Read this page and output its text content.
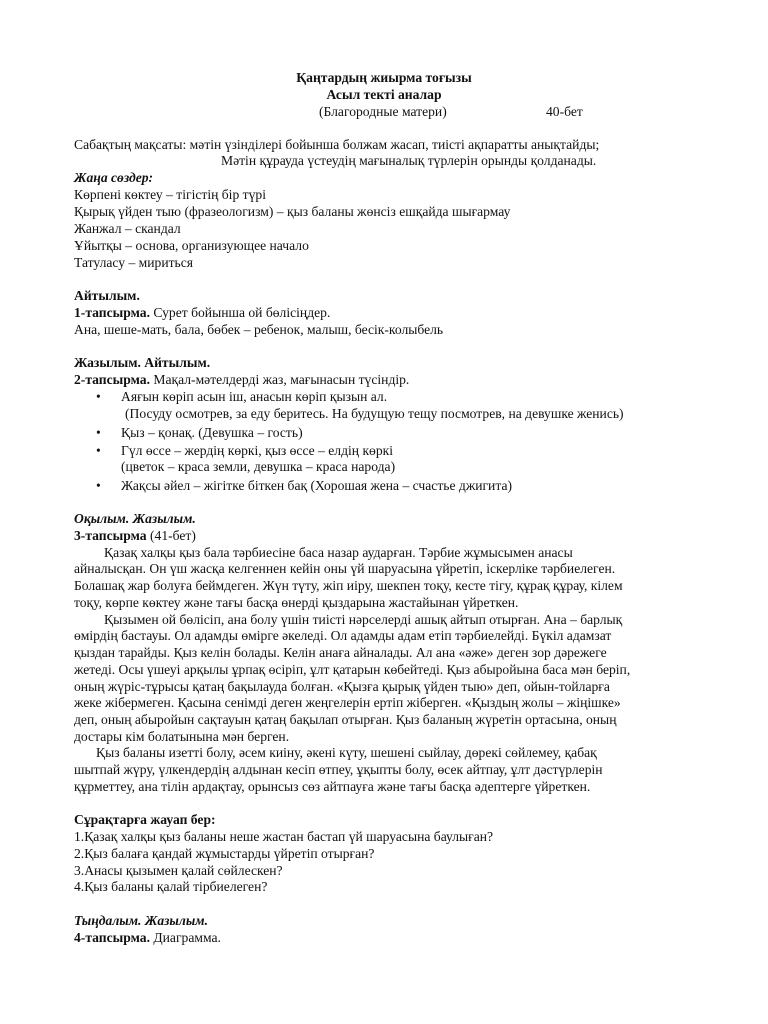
Қаңтардың жиырма тоғызы
Асыл текті аналар
(Благородные матери)	40-бет
Сабақтың мақсаты: мәтін үзінділері бойынша болжам жасап, тиісті ақпаратты анықтайды;
Мәтін құрауда үстеудің мағыналық түрлерін орынды қолданады.
Жаңа сөздер:
Көрпені көктеу – тігістің бір түрі
Қырық үйден тыю (фразеологизм) – қыз баланы жөнсіз ешқайда шығармау
Жанжал – скандал
Ұйытқы – основа, организующее начало
Татуласу – мириться
Айтылым.
1-тапсырма. Сурет бойынша ой бөлісіңдер.
Ана, шеше-мать, бала, бөбек – ребенок, малыш, бесік-колыбель
Жазылым. Айтылым.
2-тапсырма. Мақал-мәтелдерді жаз, мағынасын түсіндір.
• Аяғын көріп асын іш, анасын көріп қызын ал.
(Посуду осмотрев, за еду беритесь. На будущую тещу посмотрев, на девушке женись)
• Қыз – қонақ. (Девушка – гость)
• Гүл өссе – жердің көркі, қыз өссе – елдің көркі
(цветок – краса земли, девушка – краса народа)
• Жақсы әйел – жігітке біткен бақ (Хорошая жена – счастье джигита)
Оқылым. Жазылым.
3-тапсырма (41-бет)
Қазақ халқы қыз бала тәрбиесіне баса назар аударған. Тәрбие жұмысымен анасы
айналысқан. Он үш жасқа келгеннен кейін оны үй шаруасына үйретіп, іскерліке тәрбиелеген.
Болашақ жар болуға беймдеген. Жүн түту, жіп иіру, шекпен тоқу, кесте тігу, құрақ құрау, кілем
тоқу, көрпе көктеу және тағы басқа өнерді қыздарына жастайынан үйреткен.
Қызымен ой бөлісіп, ана болу үшін тиісті нәрселерді ашық айтып отырған. Ана – барлық
өмірдің бастауы. Ол адамды өмірге әкеледі. Ол адамды адам етіп тәрбиелейді. Бүкіл адамзат
қыздан тарайды. Қыз келін болады. Келін анаға айналады. Ал ана «әже» деген зор дәрежеге
жетеді. Осы үшеуі арқылы ұрпақ өсіріп, ұлт қатарын көбейтеді. Қыз абыройына баса мән беріп,
оның жүріс-тұрысы қатаң бақылауда болған. «Қызға қырық үйден тыю» деп, ойын-тойларға
жеке жібермеген. Қасына сенімді деген жеңгелерін ертіп жіберген. «Қыздың жолы – жіңішке»
деп, оның абыройын сақтауын қатаң бақылап отырған. Қыз баланың жүретін ортасына, оның
достары кім болатынына мән берген.
Қыз баланы изетті болу, әсем киіну, әкені күту, шешені сыйлау, дөрекі сөйлемеу, қабақ
шытпай жүру, үлкендердің алдынан кесіп өтпеу, ұқыпты болу, өсек айтпау, ұлт дәстүрлерін
құрметтеу, ана тілін ардақтау, орынсыз сөз айтпауға және тағы басқа әдептерге үйреткен.
Сұрақтарға жауап бер:
1.Қазақ халқы қыз баланы неше жастан бастап үй шаруасына баулыған?
2.Қыз балаға қандай жұмыстарды үйретіп отырған?
3.Анасы қызымен қалай сөйлескен?
4.Қыз баланы қалай тірбиелеген?
Тыңдалым. Жазылым.
4-тапсырма. Диаграмма.
